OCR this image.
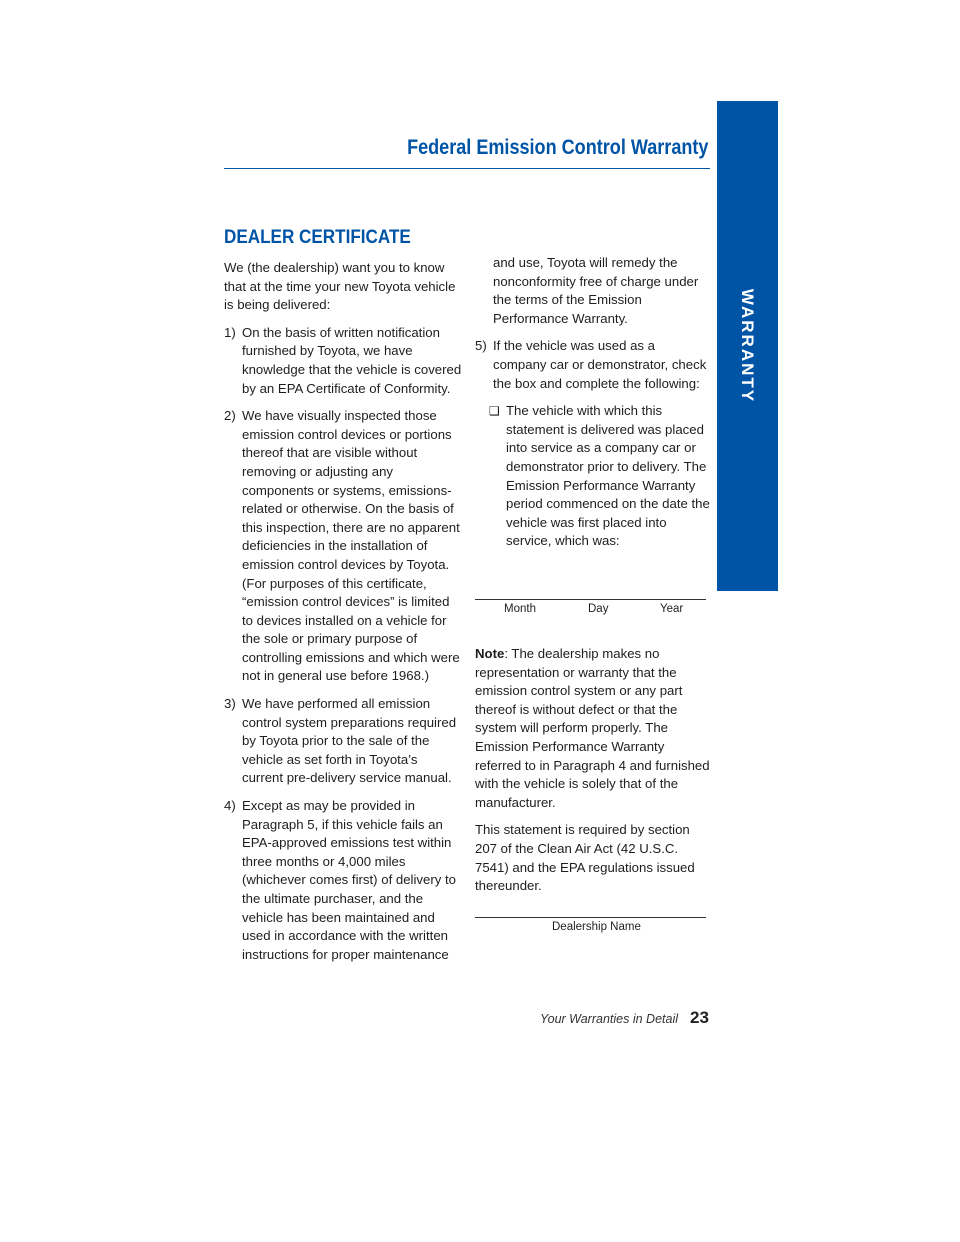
Federal Emission Control Warranty
WARRANTY
DEALER CERTIFICATE

We (the dealership) want you to know that at the time your new Toyota vehicle is being delivered:

1) On the basis of written notification furnished by Toyota, we have knowledge that the vehicle is covered by an EPA Certificate of Conformity.
2) We have visually inspected those emission control devices or portions thereof that are visible without removing or adjusting any components or systems, emissions-related or otherwise. On the basis of this inspection, there are no apparent deficiencies in the installation of emission control devices by Toyota. (For purposes of this certificate, “emission control devices” is limited to devices installed on a vehicle for the sole or primary purpose of controlling emissions and which were not in general use before 1968.)
3) We have performed all emission control system preparations required by Toyota prior to the sale of the vehicle as set forth in Toyota’s current pre-delivery service manual.
4) Except as may be provided in Paragraph 5, if this vehicle fails an EPA-approved emissions test within three months or 4,000 miles (whichever comes first) of delivery to the ultimate purchaser, and the vehicle has been maintained and used in accordance with the written instructions for proper maintenance
and use, Toyota will remedy the nonconformity free of charge under the terms of the Emission Performance Warranty.
5) If the vehicle was used as a company car or demonstrator, check the box and complete the following:
❑ The vehicle with which this statement is delivered was placed into service as a company car or demonstrator prior to delivery. The Emission Performance Warranty period commenced on the date the vehicle was first placed into service, which was:
Month	Day	Year

Note: The dealership makes no representation or warranty that the emission control system or any part thereof is without defect or that the system will perform properly. The Emission Performance Warranty referred to in Paragraph 4 and furnished with the vehicle is solely that of the manufacturer.

This statement is required by section 207 of the Clean Air Act (42 U.S.C. 7541) and the EPA regulations issued thereunder.

Dealership Name
Your Warranties in Detail 23
